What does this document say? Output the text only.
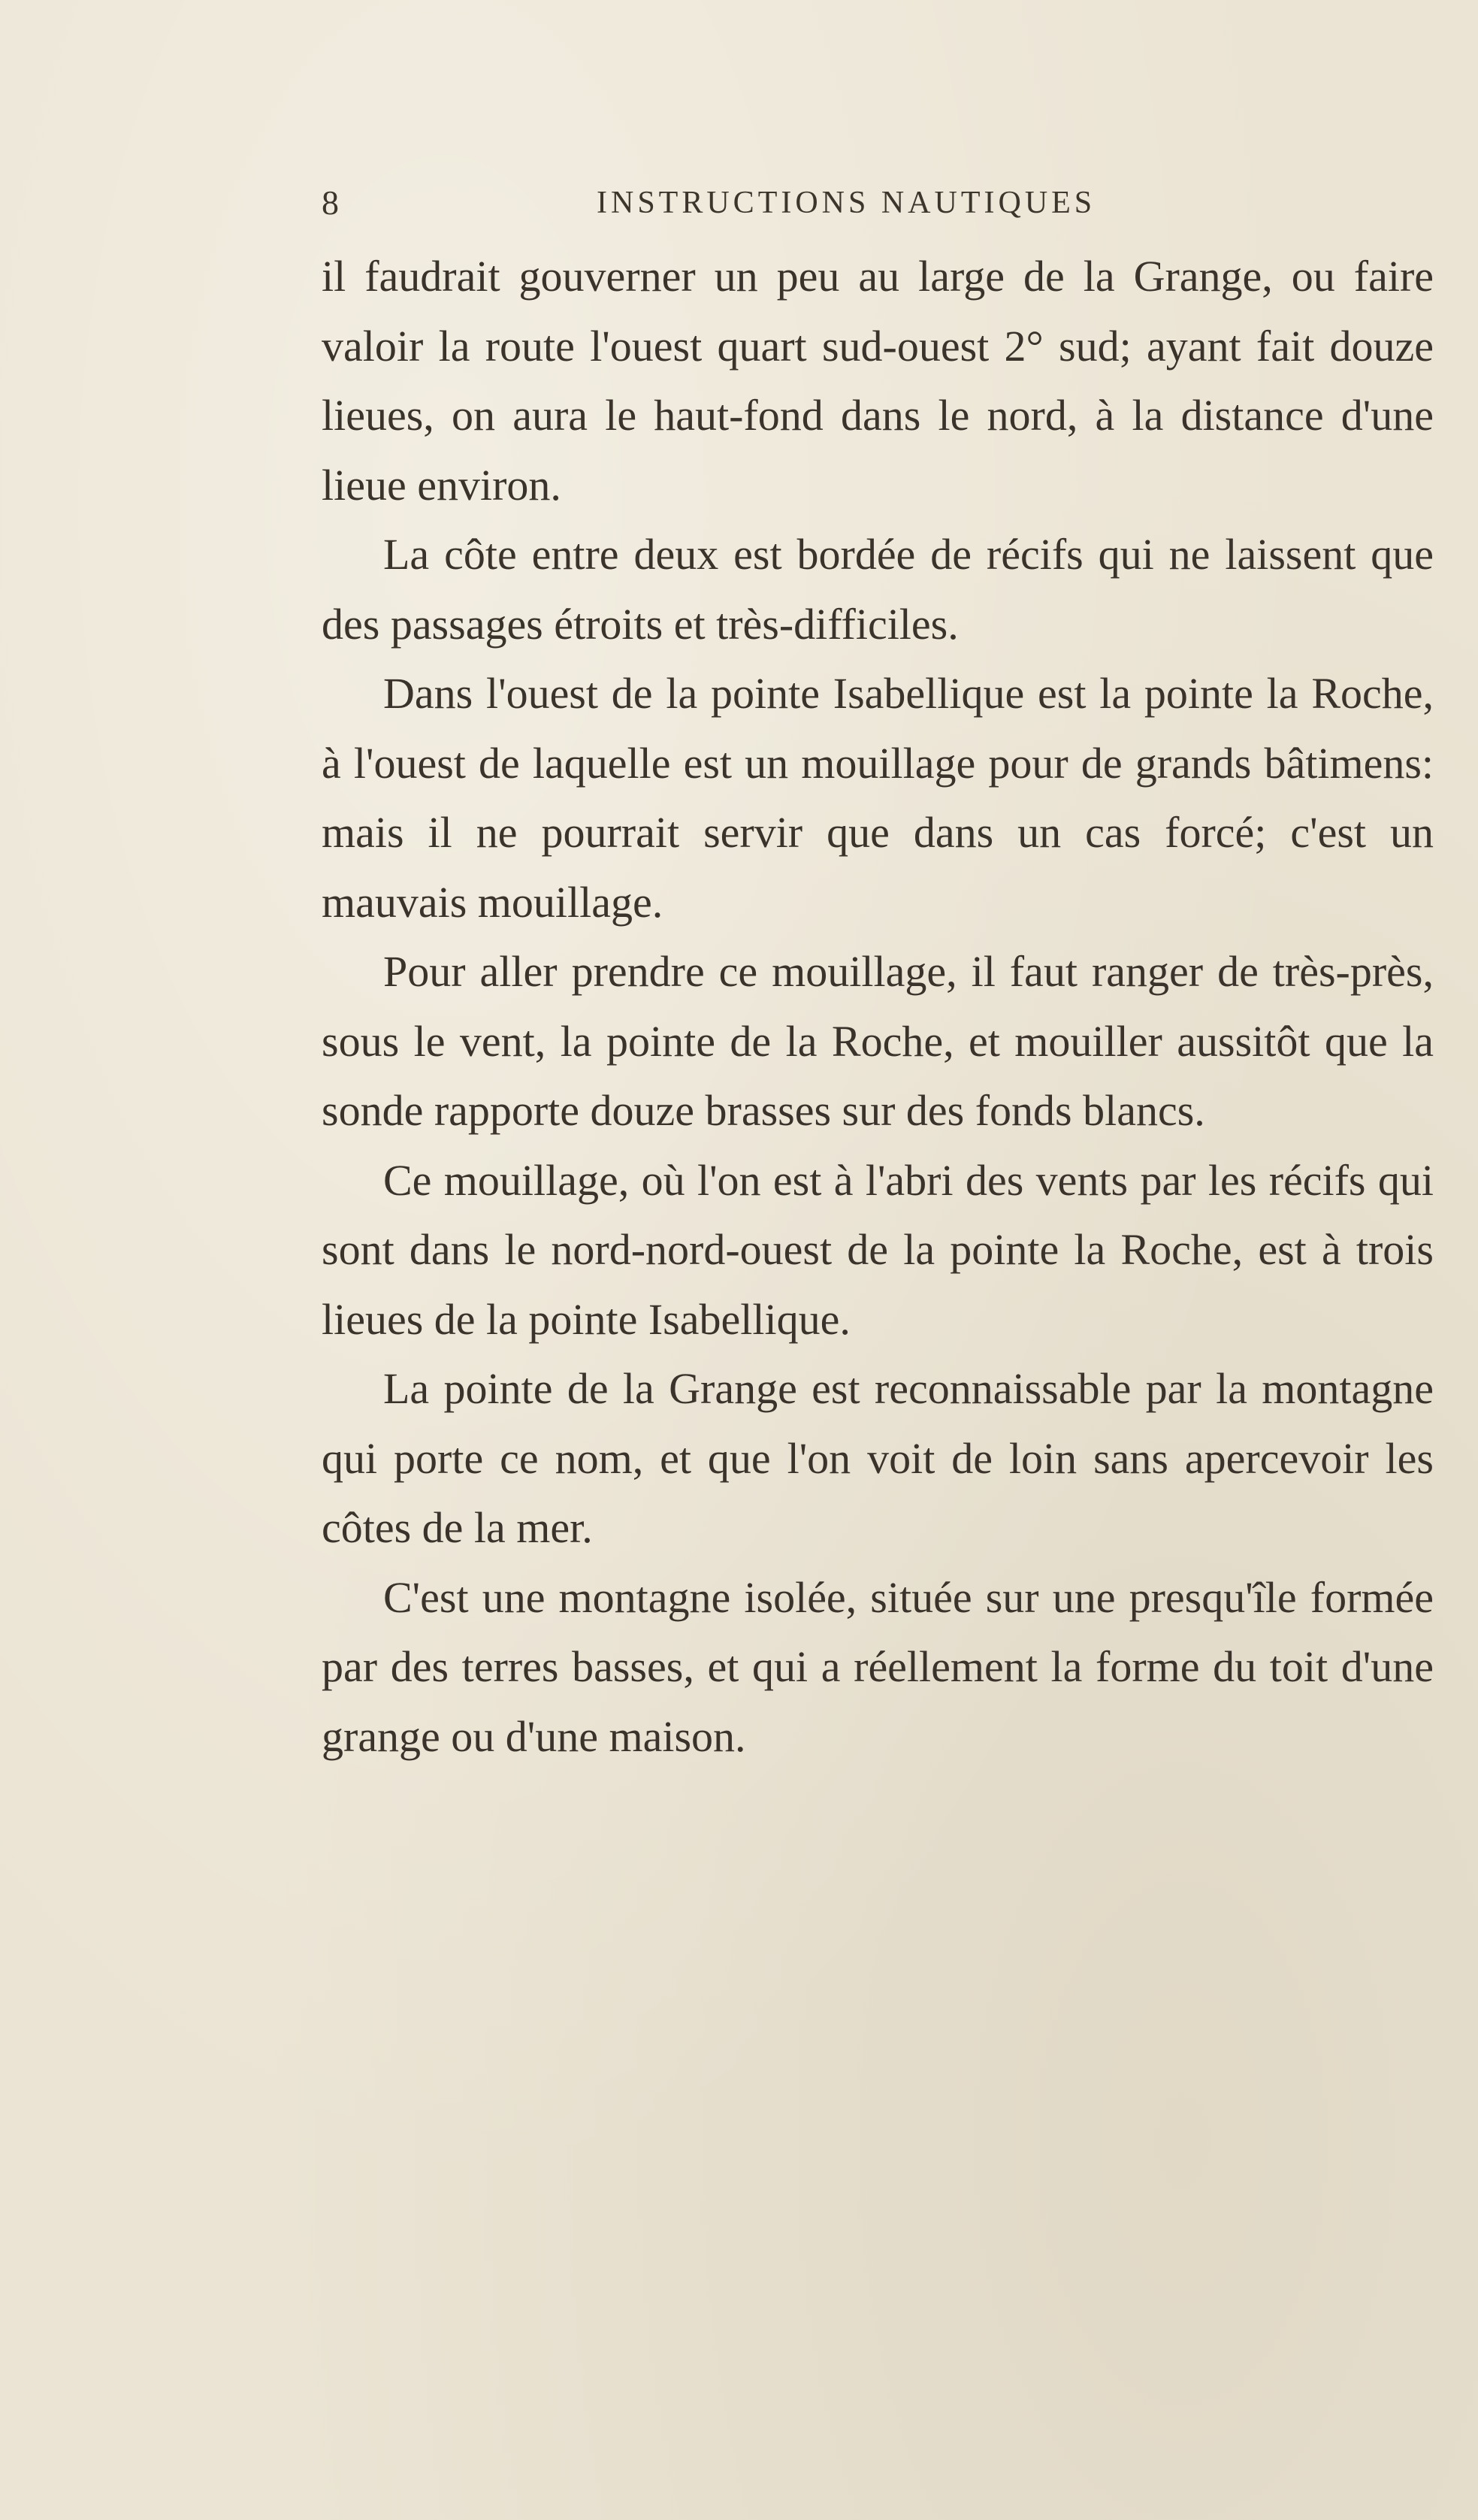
8	INSTRUCTIONS NAUTIQUES

il faudrait gouverner un peu au large de la Grange, ou faire valoir la route l'ouest quart sud-ouest 2° sud; ayant fait douze lieues, on aura le haut-fond dans le nord, à la distance d'une lieue environ.

La côte entre deux est bordée de récifs qui ne laissent que des passages étroits et très-difficiles.

Dans l'ouest de la pointe Isabellique est la pointe la Roche, à l'ouest de laquelle est un mouillage pour de grands bâtimens: mais il ne pourrait servir que dans un cas forcé; c'est un mauvais mouillage.

Pour aller prendre ce mouillage, il faut ranger de très-près, sous le vent, la pointe de la Roche, et mouiller aussitôt que la sonde rapporte douze brasses sur des fonds blancs.

Ce mouillage, où l'on est à l'abri des vents par les récifs qui sont dans le nord-nord-ouest de la pointe la Roche, est à trois lieues de la pointe Isabellique.

La pointe de la Grange est reconnaissable par la montagne qui porte ce nom, et que l'on voit de loin sans apercevoir les côtes de la mer.

C'est une montagne isolée, située sur une presqu'île formée par des terres basses, et qui a réellement la forme du toit d'une grange ou d'une maison.
